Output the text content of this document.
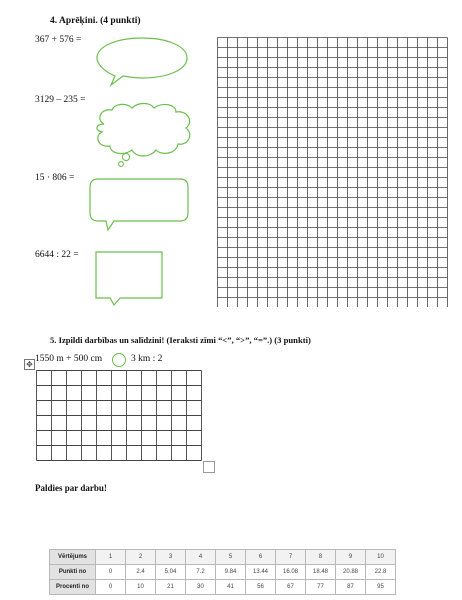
4. Aprēķini. (4 punkti)
367 + 576 =
3129 – 235 =
15 · 806 =
6644 : 22 =
5. Izpildi darbības un salīdzini! (Ieraksti zīmi “<”, “>”, “=”.) (3 punkti)
✥
1550 m + 500 cm	3 km : 2
Paldies par darbu!
Vērtējums	1	2	3	4	5	6	7	8	9	10
Punkti no	0	2.4	5.04	7.2	9.84	13.44	16.08	18.48	20.88	22.8
Procenti no	0	10	21	30	41	56	67	77	87	95
